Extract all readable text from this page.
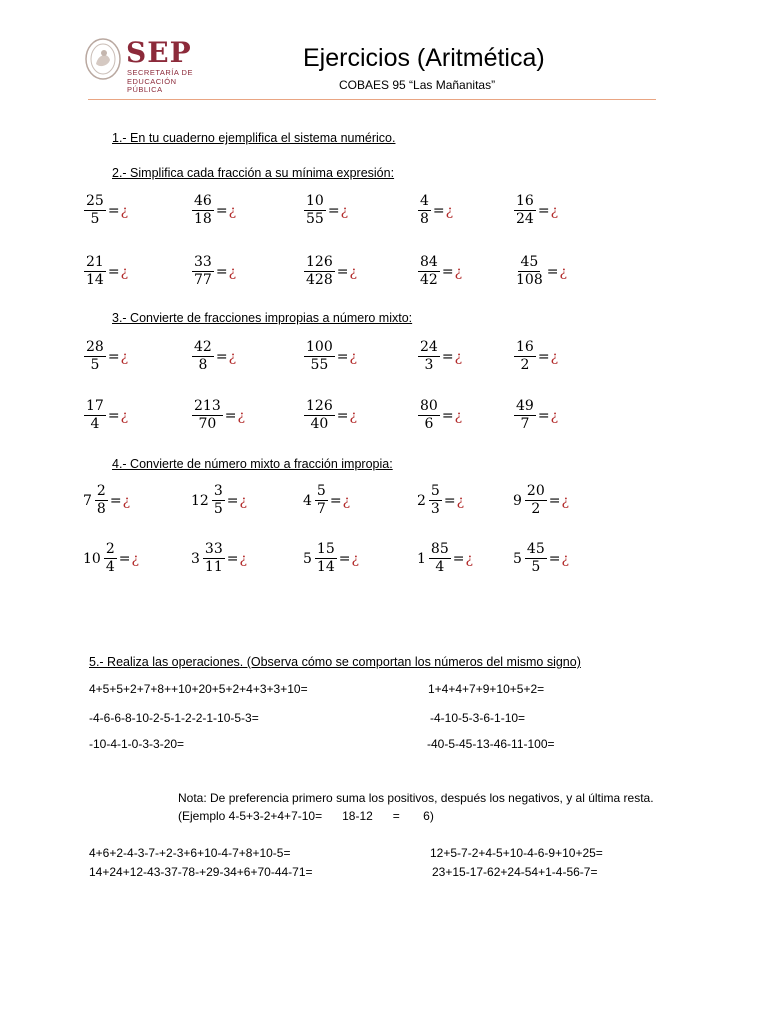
SEP
SECRETARÍA DE
EDUCACIÓN PÚBLICA
Ejercicios (Aritmética)
COBAES 95 “Las Mañanitas”
1.- En tu cuaderno ejemplifica el sistema numérico.
2.- Simplifica cada fracción a su mínima expresión:
3.- Convierte de fracciones impropias a número mixto:
4.- Convierte de número mixto a fracción impropia:
5.- Realiza las operaciones. (Observa cómo se comportan los números del mismo signo)
$\frac{25}{5}$ = ¿	$\frac{46}{18}$ = ¿	$\frac{10}{55}$ = ¿	$\frac{4}{8}$ = ¿	$\frac{16}{24}$ = ¿
$\frac{21}{14}$ = ¿	$\frac{33}{77}$ = ¿	$\frac{126}{428}$ = ¿	$\frac{84}{42}$ = ¿	$\frac{45}{108}$ = ¿
$\frac{28}{5}$ = ¿	$\frac{42}{8}$ = ¿	$\frac{100}{55}$ = ¿	$\frac{24}{3}$ = ¿	$\frac{16}{2}$ = ¿
$\frac{17}{4}$ = ¿	$\frac{213}{70}$ = ¿	$\frac{126}{40}$ = ¿	$\frac{80}{6}$ = ¿	$\frac{49}{7}$ = ¿
$7 \frac{2}{8}$ = ¿	$12 \frac{3}{5}$ = ¿	$4 \frac{5}{7}$ = ¿	$2 \frac{5}{3}$ = ¿	$9 \frac{20}{2}$ = ¿
$10 \frac{2}{4}$ = ¿	$3 \frac{33}{11}$ = ¿	$5 \frac{15}{14}$ = ¿	$1 \frac{85}{4}$ = ¿	$5 \frac{45}{5}$ = ¿
4+5+5+2+7+8++10+20+5+2+4+3+3+10=	1+4+4+7+9+10+5+2=
-4-6-6-8-10-2-5-1-2-2-1-10-5-3=	-4-10-5-3-6-1-10=
-10-4-1-0-3-3-20=	-40-5-45-13-46-11-100=
Nota: De preferencia primero suma los positivos, después los negativos, y al última resta.
(Ejemplo 4-5+3-2+4+7-10=      18-12      =       6)
4+6+2-4-3-7-+2-3+6+10-4-7+8+10-5=	12+5-7-2+4-5+10-4-6-9+10+25=
14+24+12-43-37-78-+29-34+6+70-44-71=	23+15-17-62+24-54+1-4-56-7=
